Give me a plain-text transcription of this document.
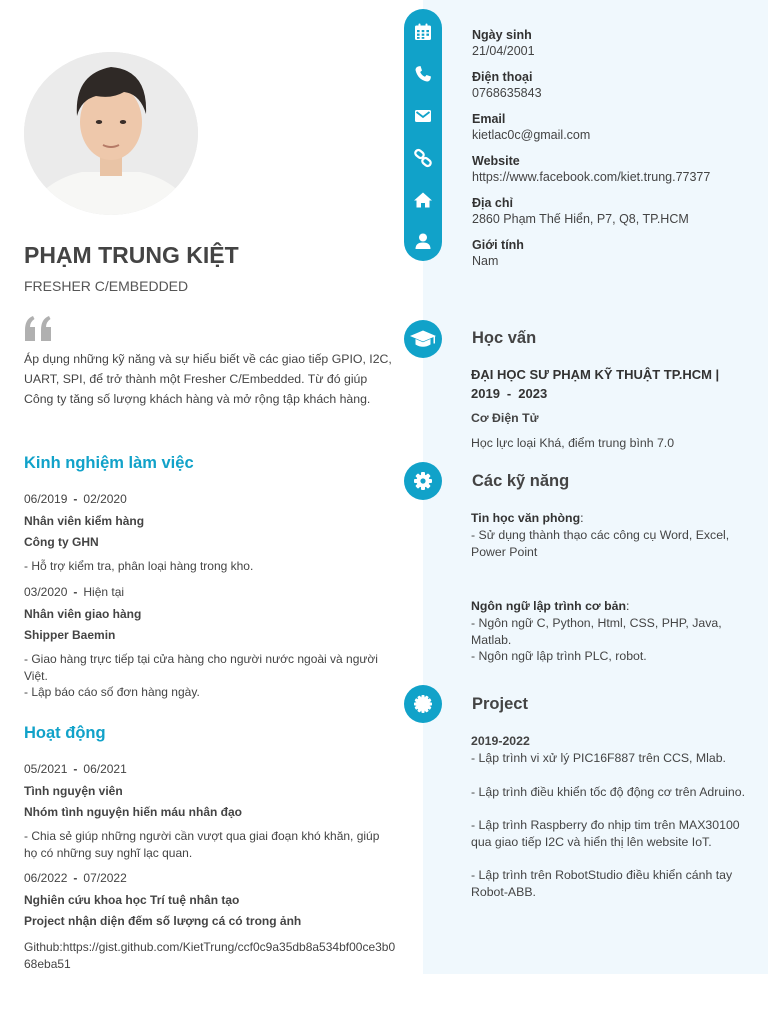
PHẠM TRUNG KIỆT
FRESHER C/EMBEDDED

Áp dụng những kỹ năng và sự hiểu biết về các giao tiếp GPIO, I2C, UART, SPI, để trở thành một Fresher C/Embedded. Từ đó giúp Công ty tăng số lượng khách hàng và mở rộng tập khách hàng.

Kinh nghiệm làm việc
06/2019 - 02/2020
Nhân viên kiểm hàng
Công ty GHN

- Hỗ trợ kiểm tra, phân loại hàng trong kho.

03/2020 - Hiện tại
Nhân viên giao hàng
Shipper Baemin

- Giao hàng trực tiếp tại cửa hàng cho người nước ngoài và người Việt.

- Lập báo cáo số đơn hàng ngày.

Hoạt động
05/2021 - 06/2021
Tình nguyện viên
Nhóm tình nguyện hiến máu nhân đạo

- Chia sẻ giúp những người cần vượt qua giai đoạn khó khăn, giúp họ có những suy nghĩ lạc quan.

06/2022 - 07/2022
Nghiên cứu khoa học Trí tuệ nhân tạo
Project nhận diện đếm số lượng cá có trong ảnh
Github:https://gist.github.com/KietTrung/ccf0c9a35db8a534bf00ce3b068eba51
Ngày sinh
21/04/2001
Điện thoại
0768635843
Email
kietlac0c@gmail.com
Website
https://www.facebook.com/kiet.trung.77377
Địa chỉ
2860 Phạm Thế Hiển, P7, Q8, TP.HCM
Giới tính
Nam
Học vấn
ĐẠI HỌC SƯ PHẠM KỸ THUẬT TP.HCM |
2019 - 2023
Cơ Điện Tử
Học lực loại Khá, điểm trung bình 7.0
Các kỹ năng
Tin học văn phòng:

- Sử dụng thành thạo các công cụ Word, Excel, Power Point

Ngôn ngữ lập trình cơ bản:

- Ngôn ngữ C, Python, Html, CSS, PHP, Java, Matlab.

- Ngôn ngữ lập trình PLC, robot.

Project
2019-2022

- Lập trình vi xử lý PIC16F887 trên CCS, Mlab.

- Lập trình điều khiển tốc độ động cơ trên Adruino.

- Lập trình Raspberry đo nhịp tim trên MAX30100 qua giao tiếp I2C và hiển thị lên website IoT.

- Lập trình trên RobotStudio điều khiển cánh tay Robot-ABB.
